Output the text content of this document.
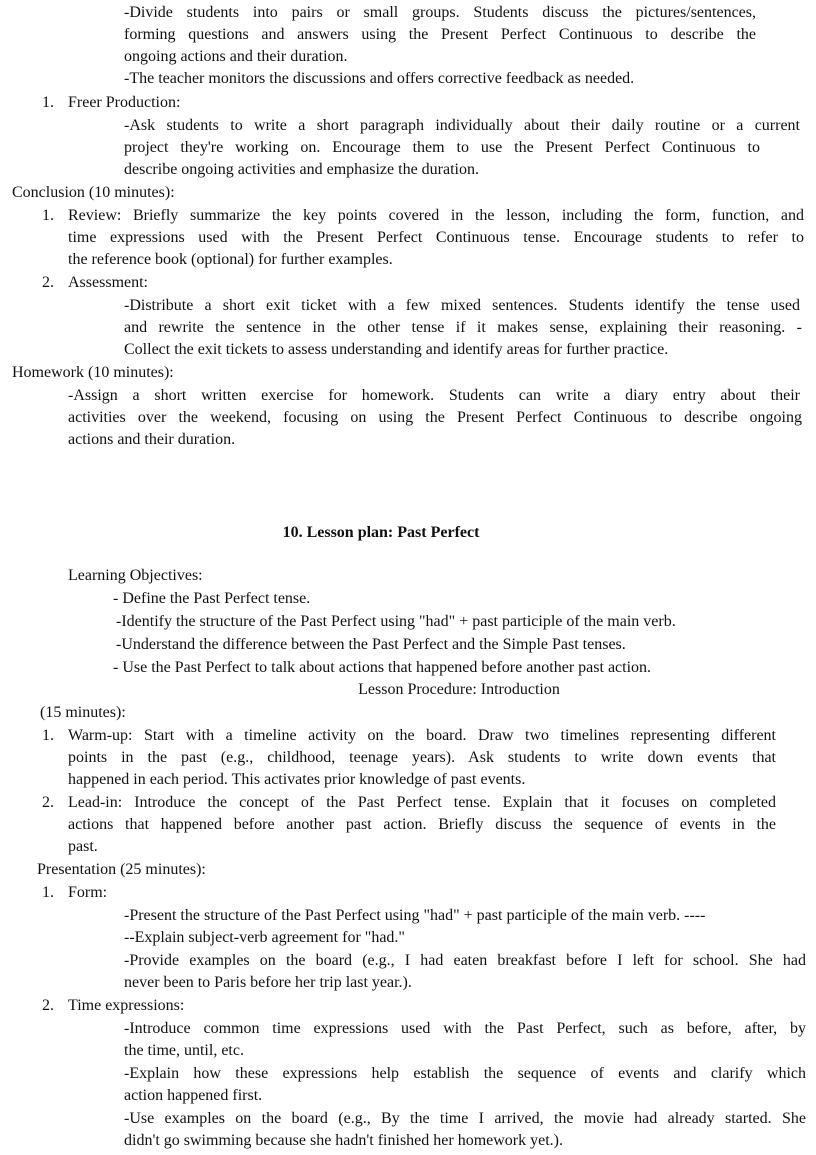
-Divide students into pairs or small groups. Students discuss the pictures/sentences,
forming questions and answers using the Present Perfect Continuous to describe the
ongoing actions and their duration.
-The teacher monitors the discussions and offers corrective feedback as needed.
1. Freer Production:
-Ask students to write a short paragraph individually about their daily routine or a current
project they're working on. Encourage them to use the Present Perfect Continuous to
describe ongoing activities and emphasize the duration.
Conclusion (10 minutes):
1. Review: Briefly summarize the key points covered in the lesson, including the form, function, and
time expressions used with the Present Perfect Continuous tense. Encourage students to refer to
the reference book (optional) for further examples.
2. Assessment:
-Distribute a short exit ticket with a few mixed sentences. Students identify the tense used
and rewrite the sentence in the other tense if it makes sense, explaining their reasoning. -
Collect the exit tickets to assess understanding and identify areas for further practice.
Homework (10 minutes):
-Assign a short written exercise for homework. Students can write a diary entry about their
activities over the weekend, focusing on using the Present Perfect Continuous to describe ongoing
actions and their duration.
10. Lesson plan: Past Perfect
Learning Objectives:
- Define the Past Perfect tense.
-Identify the structure of the Past Perfect using "had" + past participle of the main verb.
-Understand the difference between the Past Perfect and the Simple Past tenses.
- Use the Past Perfect to talk about actions that happened before another past action.
Lesson Procedure: Introduction
(15 minutes):
1. Warm-up: Start with a timeline activity on the board. Draw two timelines representing different
points in the past (e.g., childhood, teenage years). Ask students to write down events that
happened in each period. This activates prior knowledge of past events.
2. Lead-in: Introduce the concept of the Past Perfect tense. Explain that it focuses on completed
actions that happened before another past action. Briefly discuss the sequence of events in the
past.
Presentation (25 minutes):
1. Form:
-Present the structure of the Past Perfect using "had" + past participle of the main verb. ----
--Explain subject-verb agreement for "had."
-Provide examples on the board (e.g., I had eaten breakfast before I left for school. She had
never been to Paris before her trip last year.).
2. Time expressions:
-Introduce common time expressions used with the Past Perfect, such as before, after, by
the time, until, etc.
-Explain how these expressions help establish the sequence of events and clarify which
action happened first.
-Use examples on the board (e.g., By the time I arrived, the movie had already started. She
didn't go swimming because she hadn't finished her homework yet.).
